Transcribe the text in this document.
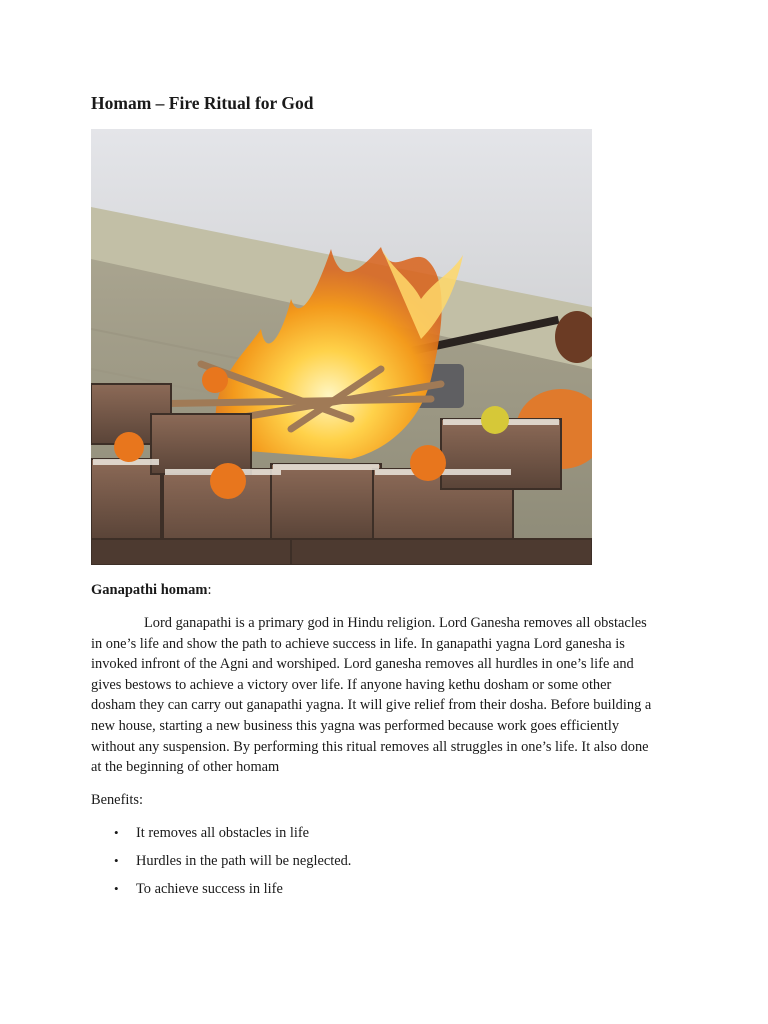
Homam – Fire Ritual for God

Ganapathi homam:

Lord ganapathi is a primary god in Hindu religion. Lord Ganesha removes all obstacles
in one’s life and show the path to achieve success in life. In ganapathi yagna Lord ganesha is
invoked infront of the Agni and worshiped. Lord ganesha removes all hurdles in one’s life and
gives bestows to achieve a victory over life. If anyone having kethu dosham or some other
dosham they can carry out ganapathi yagna. It will give relief from their dosha. Before building a
new house, starting a new business this yagna was performed because work goes efficiently
without any suspension. By performing this ritual removes all struggles in one’s life. It also done
at the beginning of other homam

Benefits:

• It removes all obstacles in life
• Hurdles in the path will be neglected.
• To achieve success in life
